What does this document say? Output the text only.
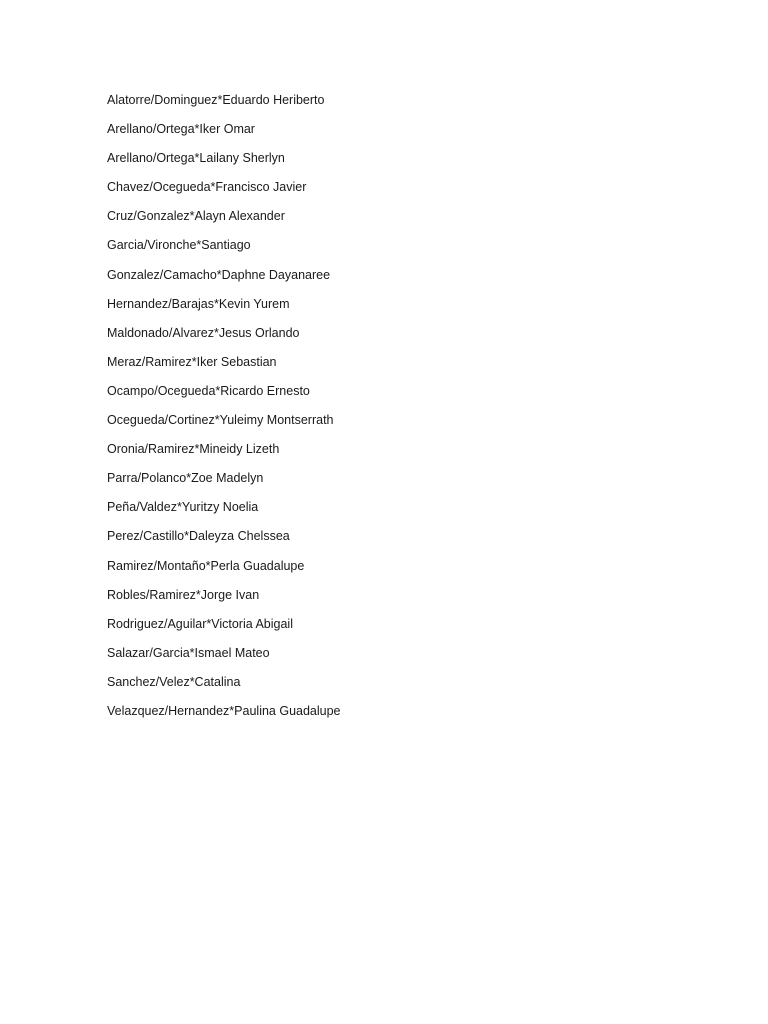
Alatorre/Dominguez*Eduardo Heriberto
Arellano/Ortega*Iker Omar
Arellano/Ortega*Lailany Sherlyn
Chavez/Ocegueda*Francisco Javier
Cruz/Gonzalez*Alayn Alexander
Garcia/Vironche*Santiago
Gonzalez/Camacho*Daphne Dayanaree
Hernandez/Barajas*Kevin Yurem
Maldonado/Alvarez*Jesus Orlando
Meraz/Ramirez*Iker Sebastian
Ocampo/Ocegueda*Ricardo Ernesto
Ocegueda/Cortinez*Yuleimy Montserrath
Oronia/Ramirez*Mineidy Lizeth
Parra/Polanco*Zoe Madelyn
Peña/Valdez*Yuritzy Noelia
Perez/Castillo*Daleyza Chelssea
Ramirez/Montaño*Perla Guadalupe
Robles/Ramirez*Jorge Ivan
Rodriguez/Aguilar*Victoria Abigail
Salazar/Garcia*Ismael Mateo
Sanchez/Velez*Catalina
Velazquez/Hernandez*Paulina Guadalupe
